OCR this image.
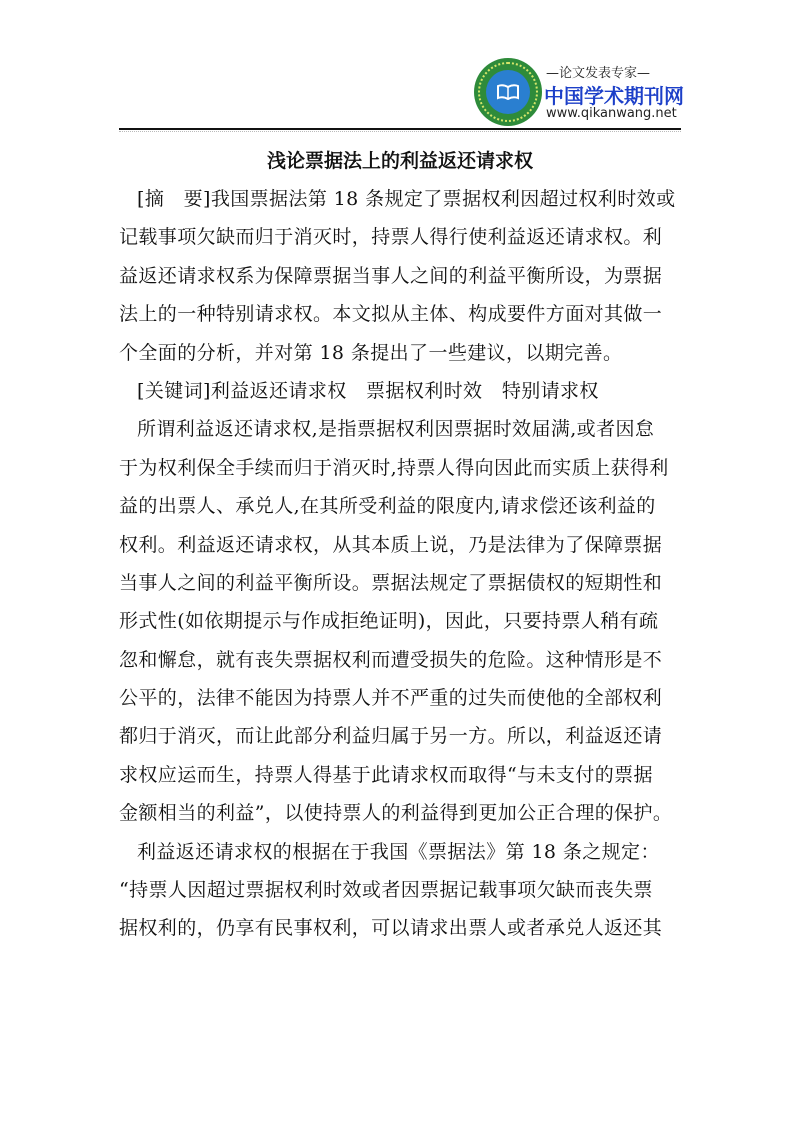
—论文发表专家—
中国学术期刊网
www.qikanwang.net
浅论票据法上的利益返还请求权
[摘　要]我国票据法第 18 条规定了票据权利因超过权利时效或
记载事项欠缺而归于消灭时，持票人得行使利益返还请求权。利
益返还请求权系为保障票据当事人之间的利益平衡所设，为票据
法上的一种特别请求权。本文拟从主体、构成要件方面对其做一
个全面的分析，并对第 18 条提出了一些建议，以期完善。
[关键词]利益返还请求权　票据权利时效　特别请求权
所谓利益返还请求权,是指票据权利因票据时效届满,或者因怠
于为权利保全手续而归于消灭时,持票人得向因此而实质上获得利
益的出票人、承兑人,在其所受利益的限度内,请求偿还该利益的
权利。利益返还请求权，从其本质上说，乃是法律为了保障票据
当事人之间的利益平衡所设。票据法规定了票据债权的短期性和
形式性(如依期提示与作成拒绝证明)，因此，只要持票人稍有疏
忽和懈怠，就有丧失票据权利而遭受损失的危险。这种情形是不
公平的，法律不能因为持票人并不严重的过失而使他的全部权利
都归于消灭，而让此部分利益归属于另一方。所以，利益返还请
求权应运而生，持票人得基于此请求权而取得“与未支付的票据
金额相当的利益”，以使持票人的利益得到更加公正合理的保护。
利益返还请求权的根据在于我国《票据法》第 18 条之规定：
“持票人因超过票据权利时效或者因票据记载事项欠缺而丧失票
据权利的，仍享有民事权利，可以请求出票人或者承兑人返还其
